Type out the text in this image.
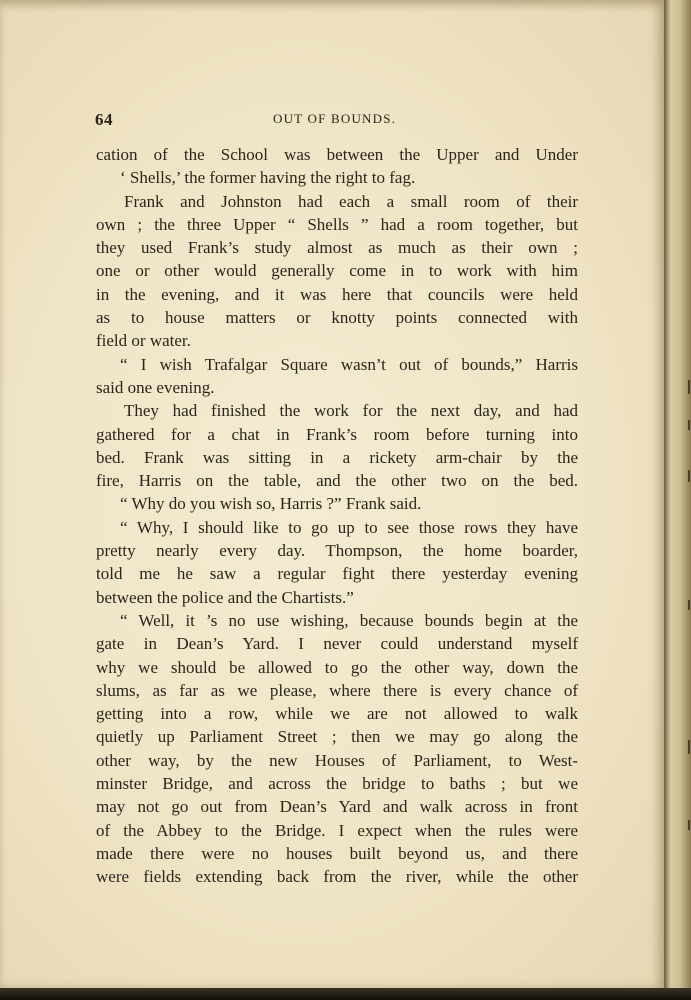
64	OUT OF BOUNDS.
cation of the School was between the Upper and Under
‘ Shells,’ the former having the right to fag.
Frank and Johnston had each a small room of their
own ; the three Upper “ Shells ” had a room together, but
they used Frank’s study almost as much as their own ;
one or other would generally come in to work with him
in the evening, and it was here that councils were held
as to house matters or knotty points connected with
field or water.
“ I wish Trafalgar Square wasn’t out of bounds,” Harris
said one evening.
They had finished the work for the next day, and had
gathered for a chat in Frank’s room before turning into
bed. Frank was sitting in a rickety arm-chair by the
fire, Harris on the table, and the other two on the bed.
“ Why do you wish so, Harris ?” Frank said.
“ Why, I should like to go up to see those rows they have
pretty nearly every day. Thompson, the home boarder,
told me he saw a regular fight there yesterday evening
between the police and the Chartists.”
“ Well, it ’s no use wishing, because bounds begin at the
gate in Dean’s Yard. I never could understand myself
why we should be allowed to go the other way, down the
slums, as far as we please, where there is every chance of
getting into a row, while we are not allowed to walk
quietly up Parliament Street ; then we may go along the
other way, by the new Houses of Parliament, to West-
minster Bridge, and across the bridge to baths ; but we
may not go out from Dean’s Yard and walk across in front
of the Abbey to the Bridge. I expect when the rules were
made there were no houses built beyond us, and there
were fields extending back from the river, while the other
